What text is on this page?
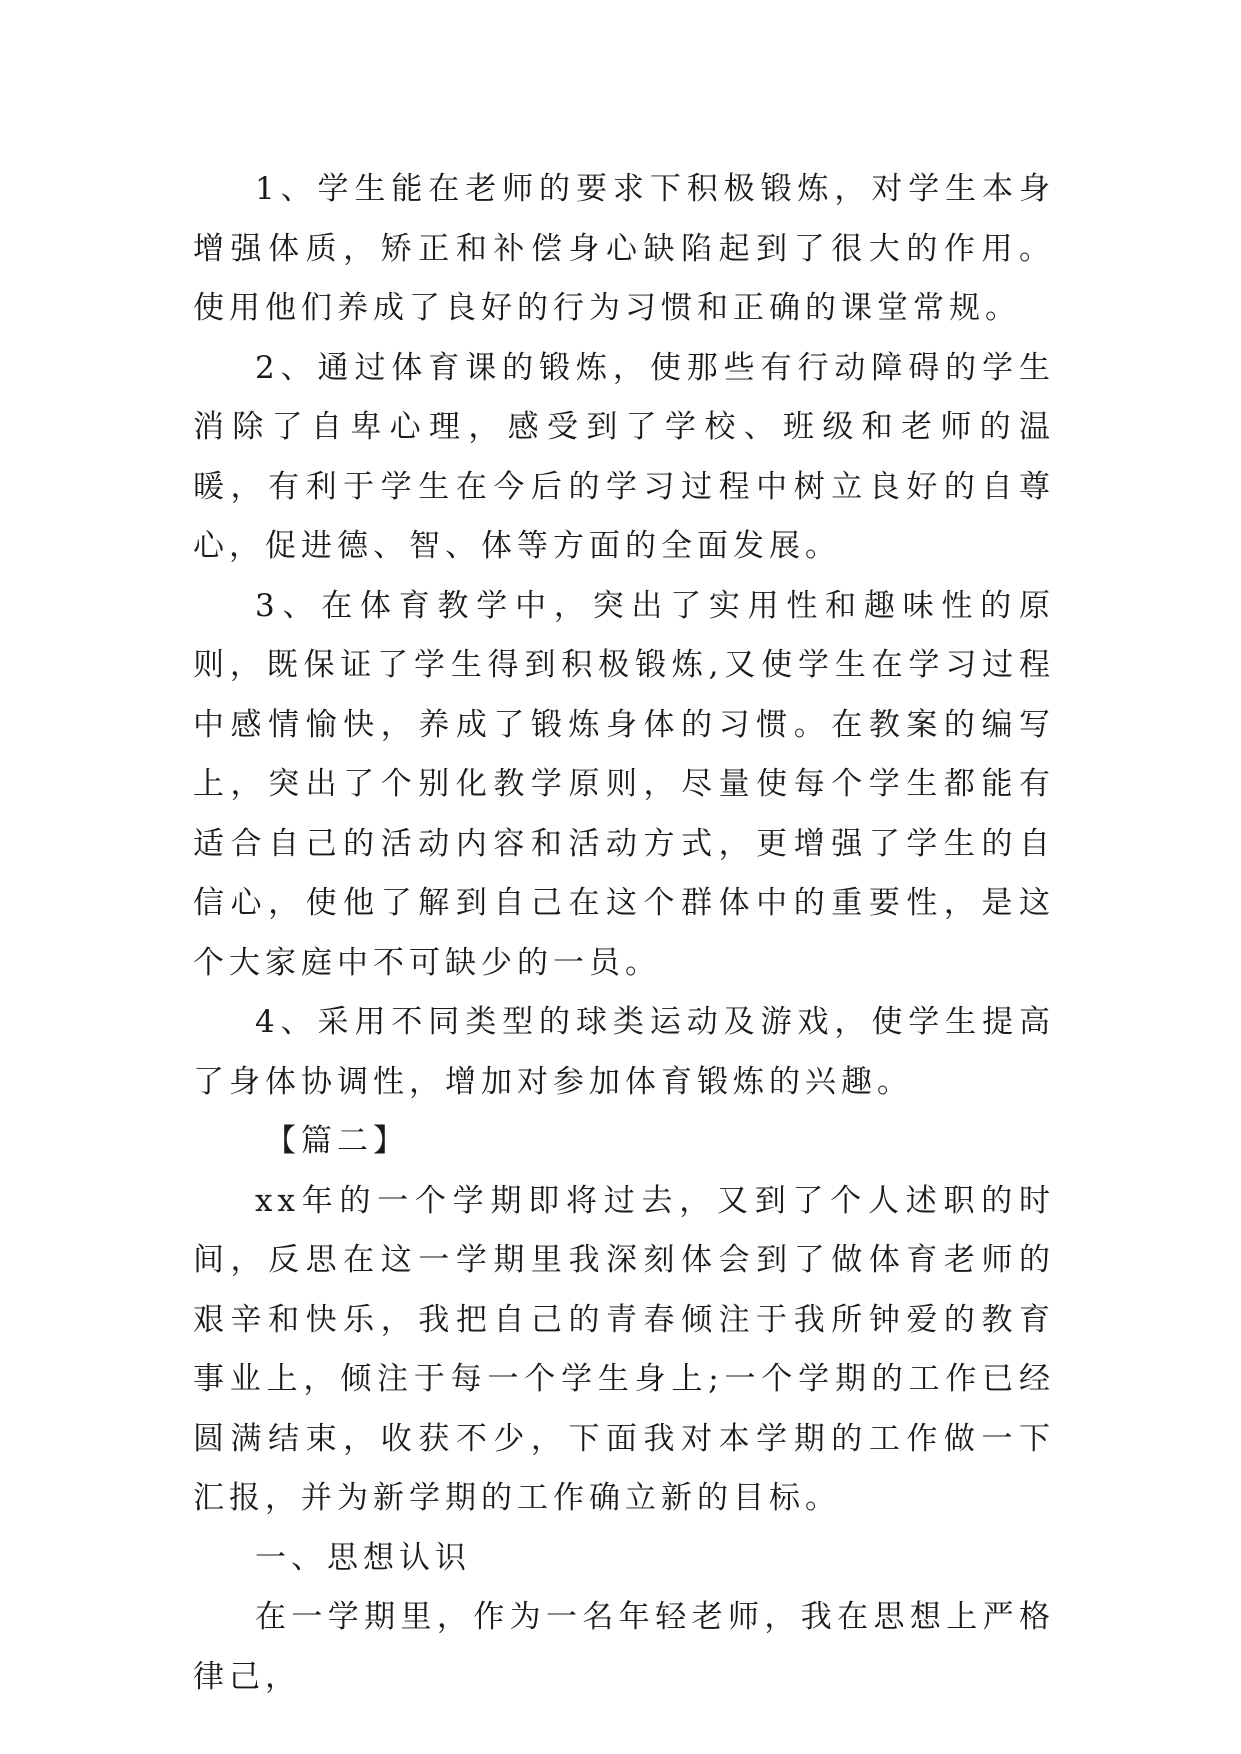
1、学生能在老师的要求下积极锻炼，对学生本身增强体质，矫正和补偿身心缺陷起到了很大的作用。使用他们养成了良好的行为习惯和正确的课堂常规。

2、通过体育课的锻炼，使那些有行动障碍的学生消除了自卑心理，感受到了学校、班级和老师的温暖，有利于学生在今后的学习过程中树立良好的自尊心，促进德、智、体等方面的全面发展。

3、在体育教学中，突出了实用性和趣味性的原则，既保证了学生得到积极锻炼,又使学生在学习过程中感情愉快，养成了锻炼身体的习惯。在教案的编写上，突出了个别化教学原则，尽量使每个学生都能有适合自己的活动内容和活动方式，更增强了学生的自信心，使他了解到自己在这个群体中的重要性，是这个大家庭中不可缺少的一员。

4、采用不同类型的球类运动及游戏，使学生提高了身体协调性，增加对参加体育锻炼的兴趣。

【篇二】

xx年的一个学期即将过去，又到了个人述职的时间，反思在这一学期里我深刻体会到了做体育老师的艰辛和快乐，我把自己的青春倾注于我所钟爱的教育事业上，倾注于每一个学生身上;一个学期的工作已经圆满结束，收获不少，下面我对本学期的工作做一下汇报，并为新学期的工作确立新的目标。

一、思想认识

在一学期里，作为一名年轻老师，我在思想上严格律己，
